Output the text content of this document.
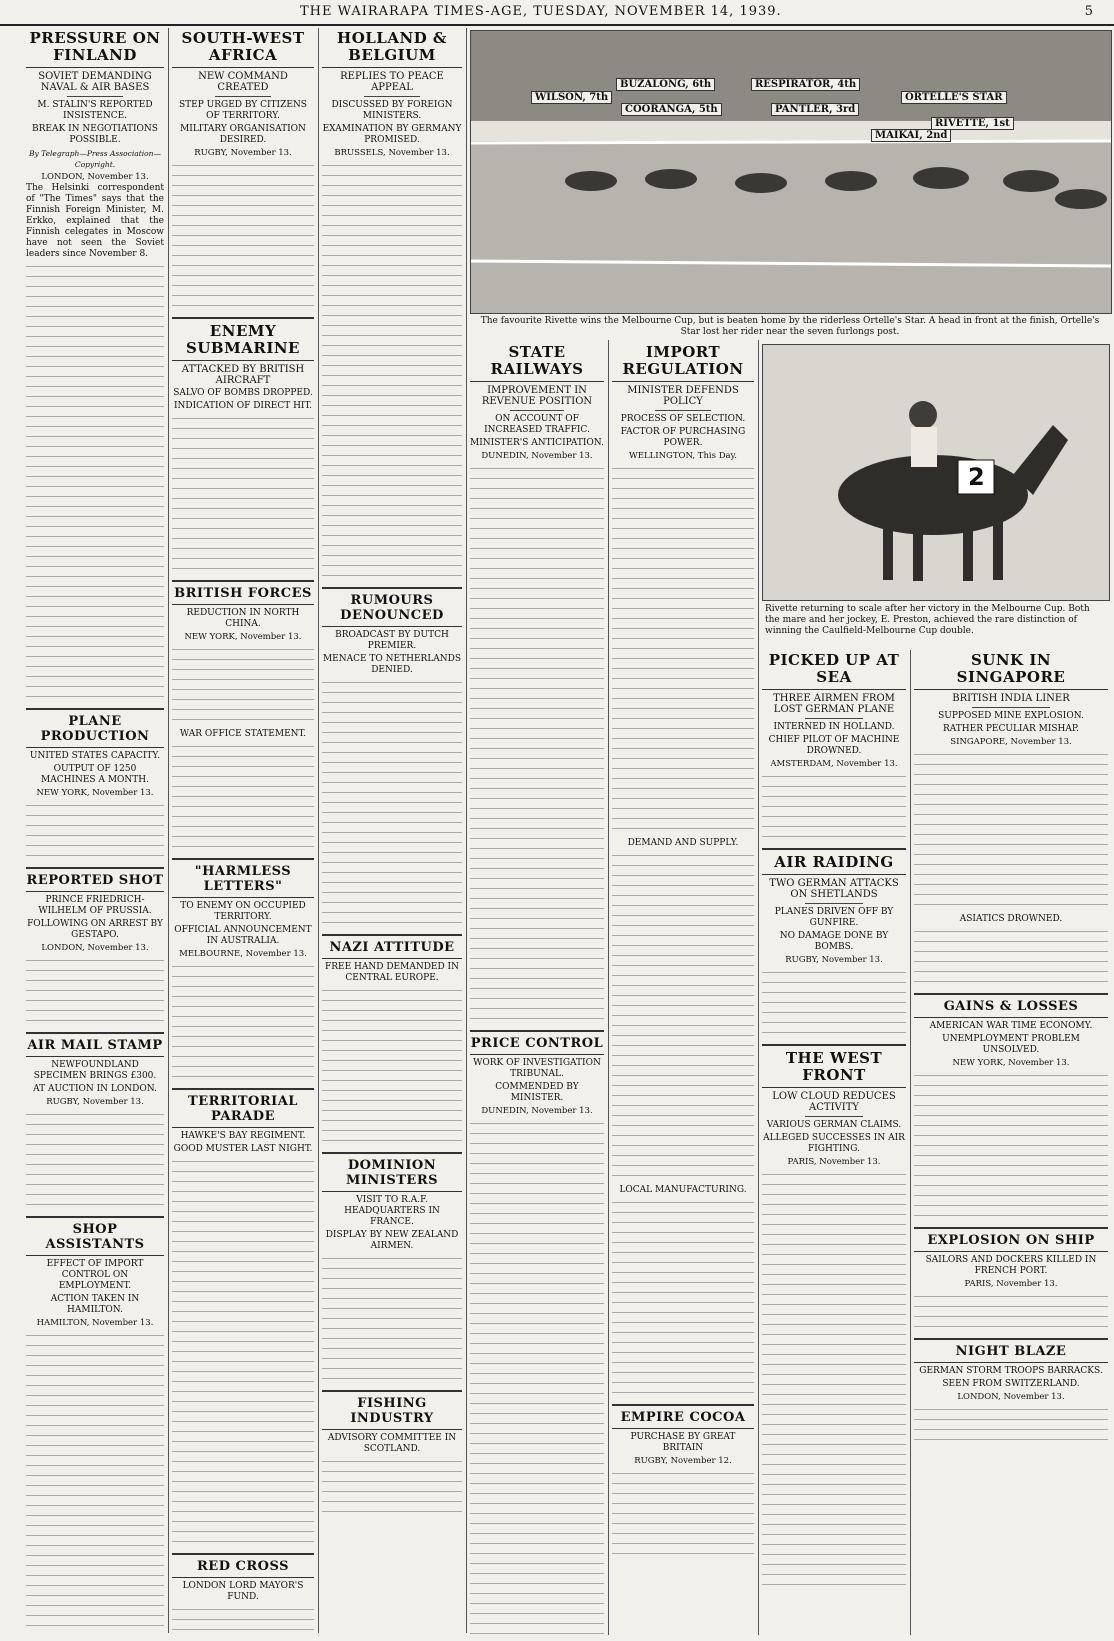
THE WAIRARAPA TIMES-AGE, TUESDAY, NOVEMBER 14, 1939.	5
PRESSURE ON FINLAND
SOVIET DEMANDING NAVAL & AIR BASES
M. STALIN'S REPORTED INSISTENCE.
BREAK IN NEGOTIATIONS POSSIBLE.
By Telegraph—Press Association—Copyright.
LONDON, November 13.
The Helsinki correspondent of "The Times" says that the Finnish Foreign Minister, M. Erkko, explained that the Finnish celegates in Moscow have not seen the Soviet leaders since November 8.
PLANE PRODUCTION
UNITED STATES CAPACITY.
OUTPUT OF 1250 MACHINES A MONTH.
NEW YORK, November 13.
REPORTED SHOT
PRINCE FRIEDRICH-WILHELM OF PRUSSIA.
FOLLOWING ON ARREST BY GESTAPO.
LONDON, November 13.
AIR MAIL STAMP
NEWFOUNDLAND SPECIMEN BRINGS £300.
AT AUCTION IN LONDON.
RUGBY, November 13.
SHOP ASSISTANTS
EFFECT OF IMPORT CONTROL ON EMPLOYMENT.
ACTION TAKEN IN HAMILTON.
HAMILTON, November 13.
SOUTH-WEST AFRICA
NEW COMMAND CREATED
STEP URGED BY CITIZENS OF TERRITORY.
MILITARY ORGANISATION DESIRED.
RUGBY, November 13.
ENEMY SUBMARINE
ATTACKED BY BRITISH AIRCRAFT
SALVO OF BOMBS DROPPED.
INDICATION OF DIRECT HIT.
BRITISH FORCES
REDUCTION IN NORTH CHINA.
NEW YORK, November 13.
WAR OFFICE STATEMENT.
"HARMLESS LETTERS"
TO ENEMY ON OCCUPIED TERRITORY.
OFFICIAL ANNOUNCEMENT IN AUSTRALIA.
MELBOURNE, November 13.
TERRITORIAL PARADE
HAWKE'S BAY REGIMENT.
GOOD MUSTER LAST NIGHT.
RED CROSS
LONDON LORD MAYOR'S FUND.
HOLLAND & BELGIUM
REPLIES TO PEACE APPEAL
DISCUSSED BY FOREIGN MINISTERS.
EXAMINATION BY GERMANY PROMISED.
BRUSSELS, November 13.
RUMOURS DENOUNCED
BROADCAST BY DUTCH PREMIER.
MENACE TO NETHERLANDS DENIED.
NAZI ATTITUDE
FREE HAND DEMANDED IN CENTRAL EUROPE.
DOMINION MINISTERS
VISIT TO R.A.F. HEADQUARTERS IN FRANCE.
DISPLAY BY NEW ZEALAND AIRMEN.
FISHING INDUSTRY
ADVISORY COMMITTEE IN SCOTLAND.
WILSON, 7th
BUZALONG, 6th	RESPIRATOR, 4th
COORANGA, 5th	PANTLER, 3rd
ORTELLE'S STAR
RIVETTE, 1st
MAIKAI, 2nd
The favourite Rivette wins the Melbourne Cup, but is beaten home by the riderless Ortelle's Star. A head in front at the finish, Ortelle's Star lost her rider near the seven furlongs post.
STATE RAILWAYS
IMPROVEMENT IN REVENUE POSITION
ON ACCOUNT OF INCREASED TRAFFIC.
MINISTER'S ANTICIPATION.
DUNEDIN, November 13.
PRICE CONTROL
WORK OF INVESTIGATION TRIBUNAL.
COMMENDED BY MINISTER.
DUNEDIN, November 13.
IMPORT REGULATION
MINISTER DEFENDS POLICY
PROCESS OF SELECTION.
FACTOR OF PURCHASING POWER.
WELLINGTON, This Day.
DEMAND AND SUPPLY.
LOCAL MANUFACTURING.
EMPIRE COCOA
PURCHASE BY GREAT BRITAIN
RUGBY, November 12.
2
Rivette returning to scale after her victory in the Melbourne Cup. Both the mare and her jockey, E. Preston, achieved the rare distinction of winning the Caulfield-Melbourne Cup double.
PICKED UP AT SEA
THREE AIRMEN FROM LOST GERMAN PLANE
INTERNED IN HOLLAND.
CHIEF PILOT OF MACHINE DROWNED.
AMSTERDAM, November 13.
AIR RAIDING
TWO GERMAN ATTACKS ON SHETLANDS
PLANES DRIVEN OFF BY GUNFIRE.
NO DAMAGE DONE BY BOMBS.
RUGBY, November 13.
THE WEST FRONT
LOW CLOUD REDUCES ACTIVITY
VARIOUS GERMAN CLAIMS.
ALLEGED SUCCESSES IN AIR FIGHTING.
PARIS, November 13.
SUNK IN SINGAPORE
BRITISH INDIA LINER
SUPPOSED MINE EXPLOSION.
RATHER PECULIAR MISHAP.
SINGAPORE, November 13.
ASIATICS DROWNED.
GAINS & LOSSES
AMERICAN WAR TIME ECONOMY.
UNEMPLOYMENT PROBLEM UNSOLVED.
NEW YORK, November 13.
EXPLOSION ON SHIP
SAILORS AND DOCKERS KILLED IN FRENCH PORT.
PARIS, November 13.
NIGHT BLAZE
GERMAN STORM TROOPS BARRACKS.
SEEN FROM SWITZERLAND.
LONDON, November 13.
